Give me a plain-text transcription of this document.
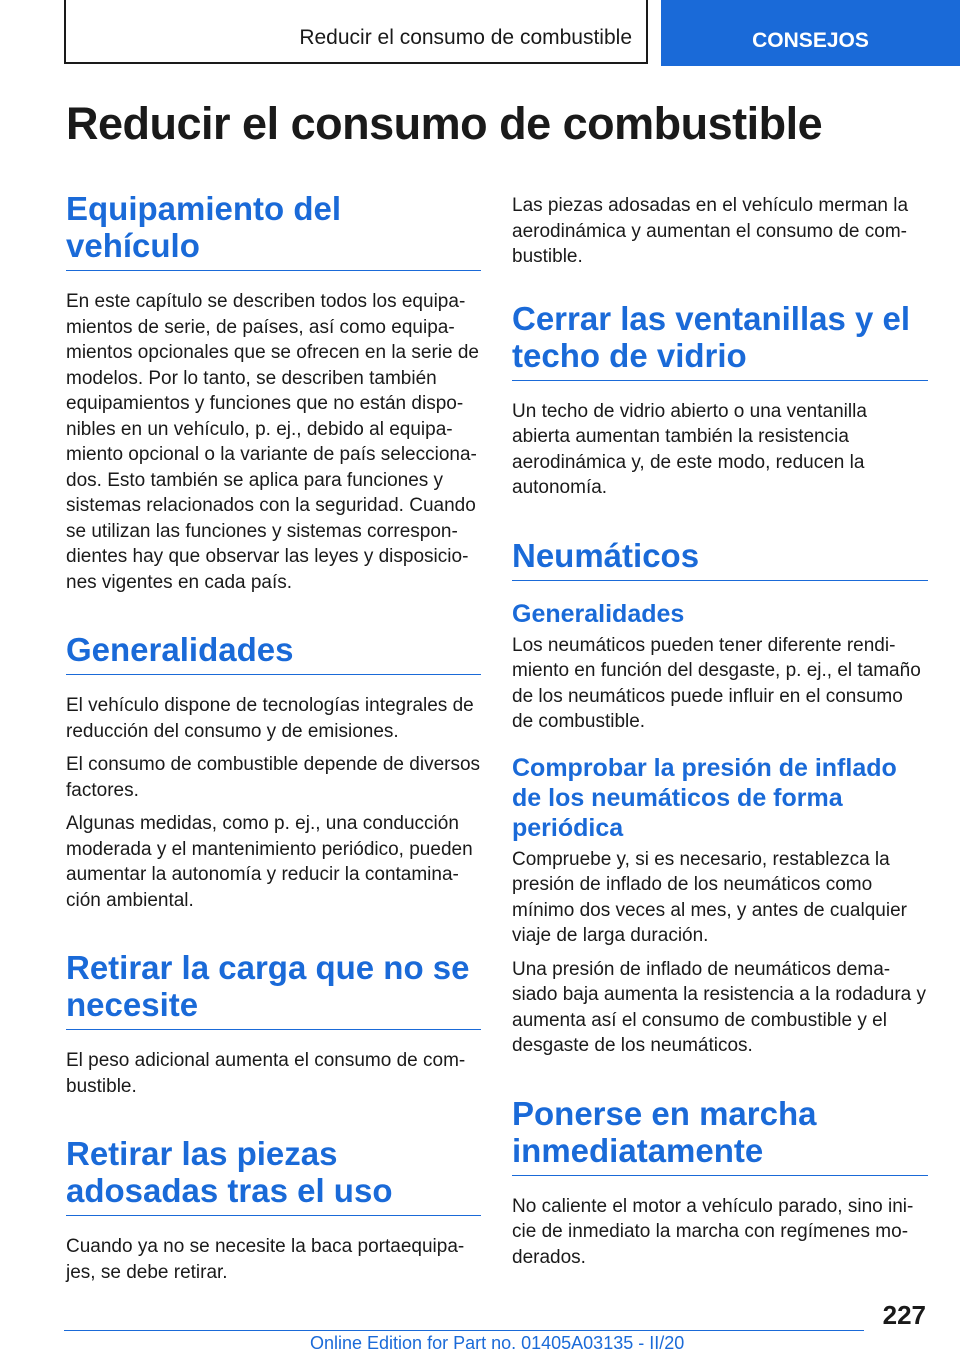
Reducir el consumo de combustible	CONSEJOS
Reducir el consumo de combustible
Equipamiento del vehículo

En este capítulo se describen todos los equipamientos de serie, de países, así como equipamientos opcionales que se ofrecen en la serie de modelos. Por lo tanto, se describen también equipamientos y funciones que no están disponibles en un vehículo, p. ej., debido al equipamiento opcional o la variante de país seleccionados. Esto también se aplica para funciones y sistemas relacionados con la seguridad. Cuando se utilizan las funciones y sistemas correspondientes hay que observar las leyes y disposiciones vigentes en cada país.

Generalidades

El vehículo dispone de tecnologías integrales de reducción del consumo y de emisiones.

El consumo de combustible depende de diversos factores.

Algunas medidas, como p. ej., una conducción moderada y el mantenimiento periódico, pueden aumentar la autonomía y reducir la contaminación ambiental.

Retirar la carga que no se necesite

El peso adicional aumenta el consumo de combustible.

Retirar las piezas adosadas tras el uso

Cuando ya no se necesite la baca portaequipajes, se debe retirar.

Las piezas adosadas en el vehículo merman la aerodinámica y aumentan el consumo de combustible.

Cerrar las ventanillas y el techo de vidrio

Un techo de vidrio abierto o una ventanilla abierta aumentan también la resistencia aerodinámica y, de este modo, reducen la autonomía.

Neumáticos
Generalidades

Los neumáticos pueden tener diferente rendimiento en función del desgaste, p. ej., el tamaño de los neumáticos puede influir en el consumo de combustible.

Comprobar la presión de inflado de los neumáticos de forma periódica

Compruebe y, si es necesario, restablezca la presión de inflado de los neumáticos como mínimo dos veces al mes, y antes de cualquier viaje de larga duración.

Una presión de inflado de neumáticos demasiado baja aumenta la resistencia a la rodadura y aumenta así el consumo de combustible y el desgaste de los neumáticos.

Ponerse en marcha inmediatamente

No caliente el motor a vehículo parado, sino inicie de inmediato la marcha con regímenes moderados.

227
Online Edition for Part no. 01405A03135 - II/20
